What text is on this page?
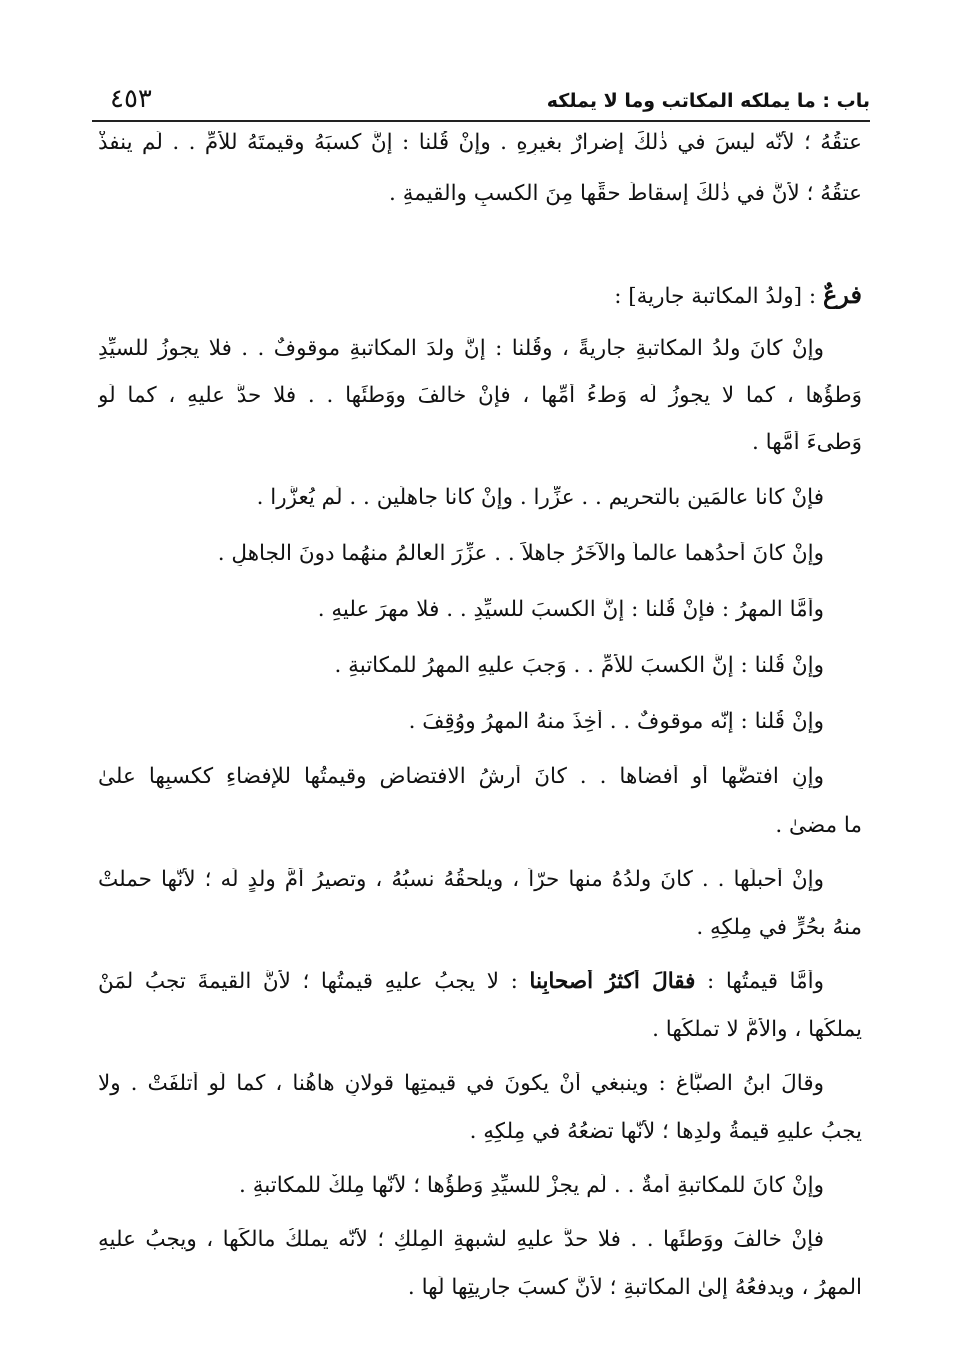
باب : ما يملكه المكاتب وما لا يملكه
٤٥٣
عتقُهُ ؛ لأنَّه ليسَ في ذٰلكَ إضرارٌ بغيرِهِ . وإنْ قُلنا : إنَّ كسبَهُ وقيمتَهُ للأمِّ . . لَم ينفذْ
عتقُهُ ؛ لأنَّ في ذٰلكَ إسقاطَ حقِّها مِنَ الكسبِ والقيمةِ .
فرعٌ : [ولدُ المكاتبة جارية] :
وإنْ كانَ ولدُ المكاتبةِ جاريةً ، وقُلنا : إنَّ ولدَ المكاتبةِ موقوفٌ . . فلا يجوزُ للسيِّدِ
وَطؤُها ، كما لا يجوزُ لَه وَطءُ أُمِّها ، فإنْ خالفَ ووَطئَها . . فلا حدَّ عليهِ ، كما لَو
وَطىءَ أُمَّها .
فإنْ كانا عالمَينِ بالتحريمِ . . عزِّرا . وإنْ كانا جاهلَينِ . . لَم يُعزَّرا .
وإنْ كانَ أحدُهما عالماً والآخَرُ جاهلاً . . عزِّرَ العالمُ منهُما دونَ الجاهلِ .
وأمَّا المهرُ : فإنْ قُلنا : إنَّ الكسبَ للسيِّدِ . . فلا مهرَ عليهِ .
وإنْ قُلنا : إنَّ الكسبَ للأمِّ . . وَجبَ عليهِ المهرُ للمكاتبةِ .
وإنْ قُلنا : إنَّه موقوفٌ . . أُخِذَ منهُ المهرُ ووُقِفَ .
وإنِ افتضَّها أو أفضاها . . كانَ أرشُ الافتضاضِ وقيمتُها للإفضاءِ ككسبِها علىٰ
ما مضىٰ .
وإنْ أحبلَها . . كانَ ولدُهُ منها حرّاً ، ويلحقُهُ نسبُهُ ، وتصيرُ أُمَّ ولدٍ لَه ؛ لأنَّها حملتْ
منهُ بحُرٍّ في مِلكِهِ .
وأمَّا قيمتُها : فقالَ أكثرُ أصحابِنا : لا يجبُ عليهِ قيمتُها ؛ لأنَّ القيمةَ تجبُ لمَنْ
يملكُها ، والأمُّ لا تملكُها .
وقالَ ابنُ الصبَّاغِ : وينبغي أنْ يكونَ في قيمتِها قولانِ هاهُنا ، كما لَو أُتلفَتْ . ولا
يجبُ عليهِ قيمةُ ولدِها ؛ لأنَّها تضعُهُ في مِلكِهِ .
وإنْ كانَ للمكاتبةِ أمةٌ . . لَم يجزْ للسيِّدِ وَطؤُها ؛ لأنَّها مِلكٌ للمكاتبةِ .
فإنْ خالفَ ووَطئَها . . فلا حدَّ عليهِ لشبهةِ المِلكِ ؛ لأنَّه يملكُ مالكَها ، ويجبُ عليهِ
المهرُ ، ويدفعُهُ إلىٰ المكاتبةِ ؛ لأنَّ كسبَ جاريتِها لَها .
